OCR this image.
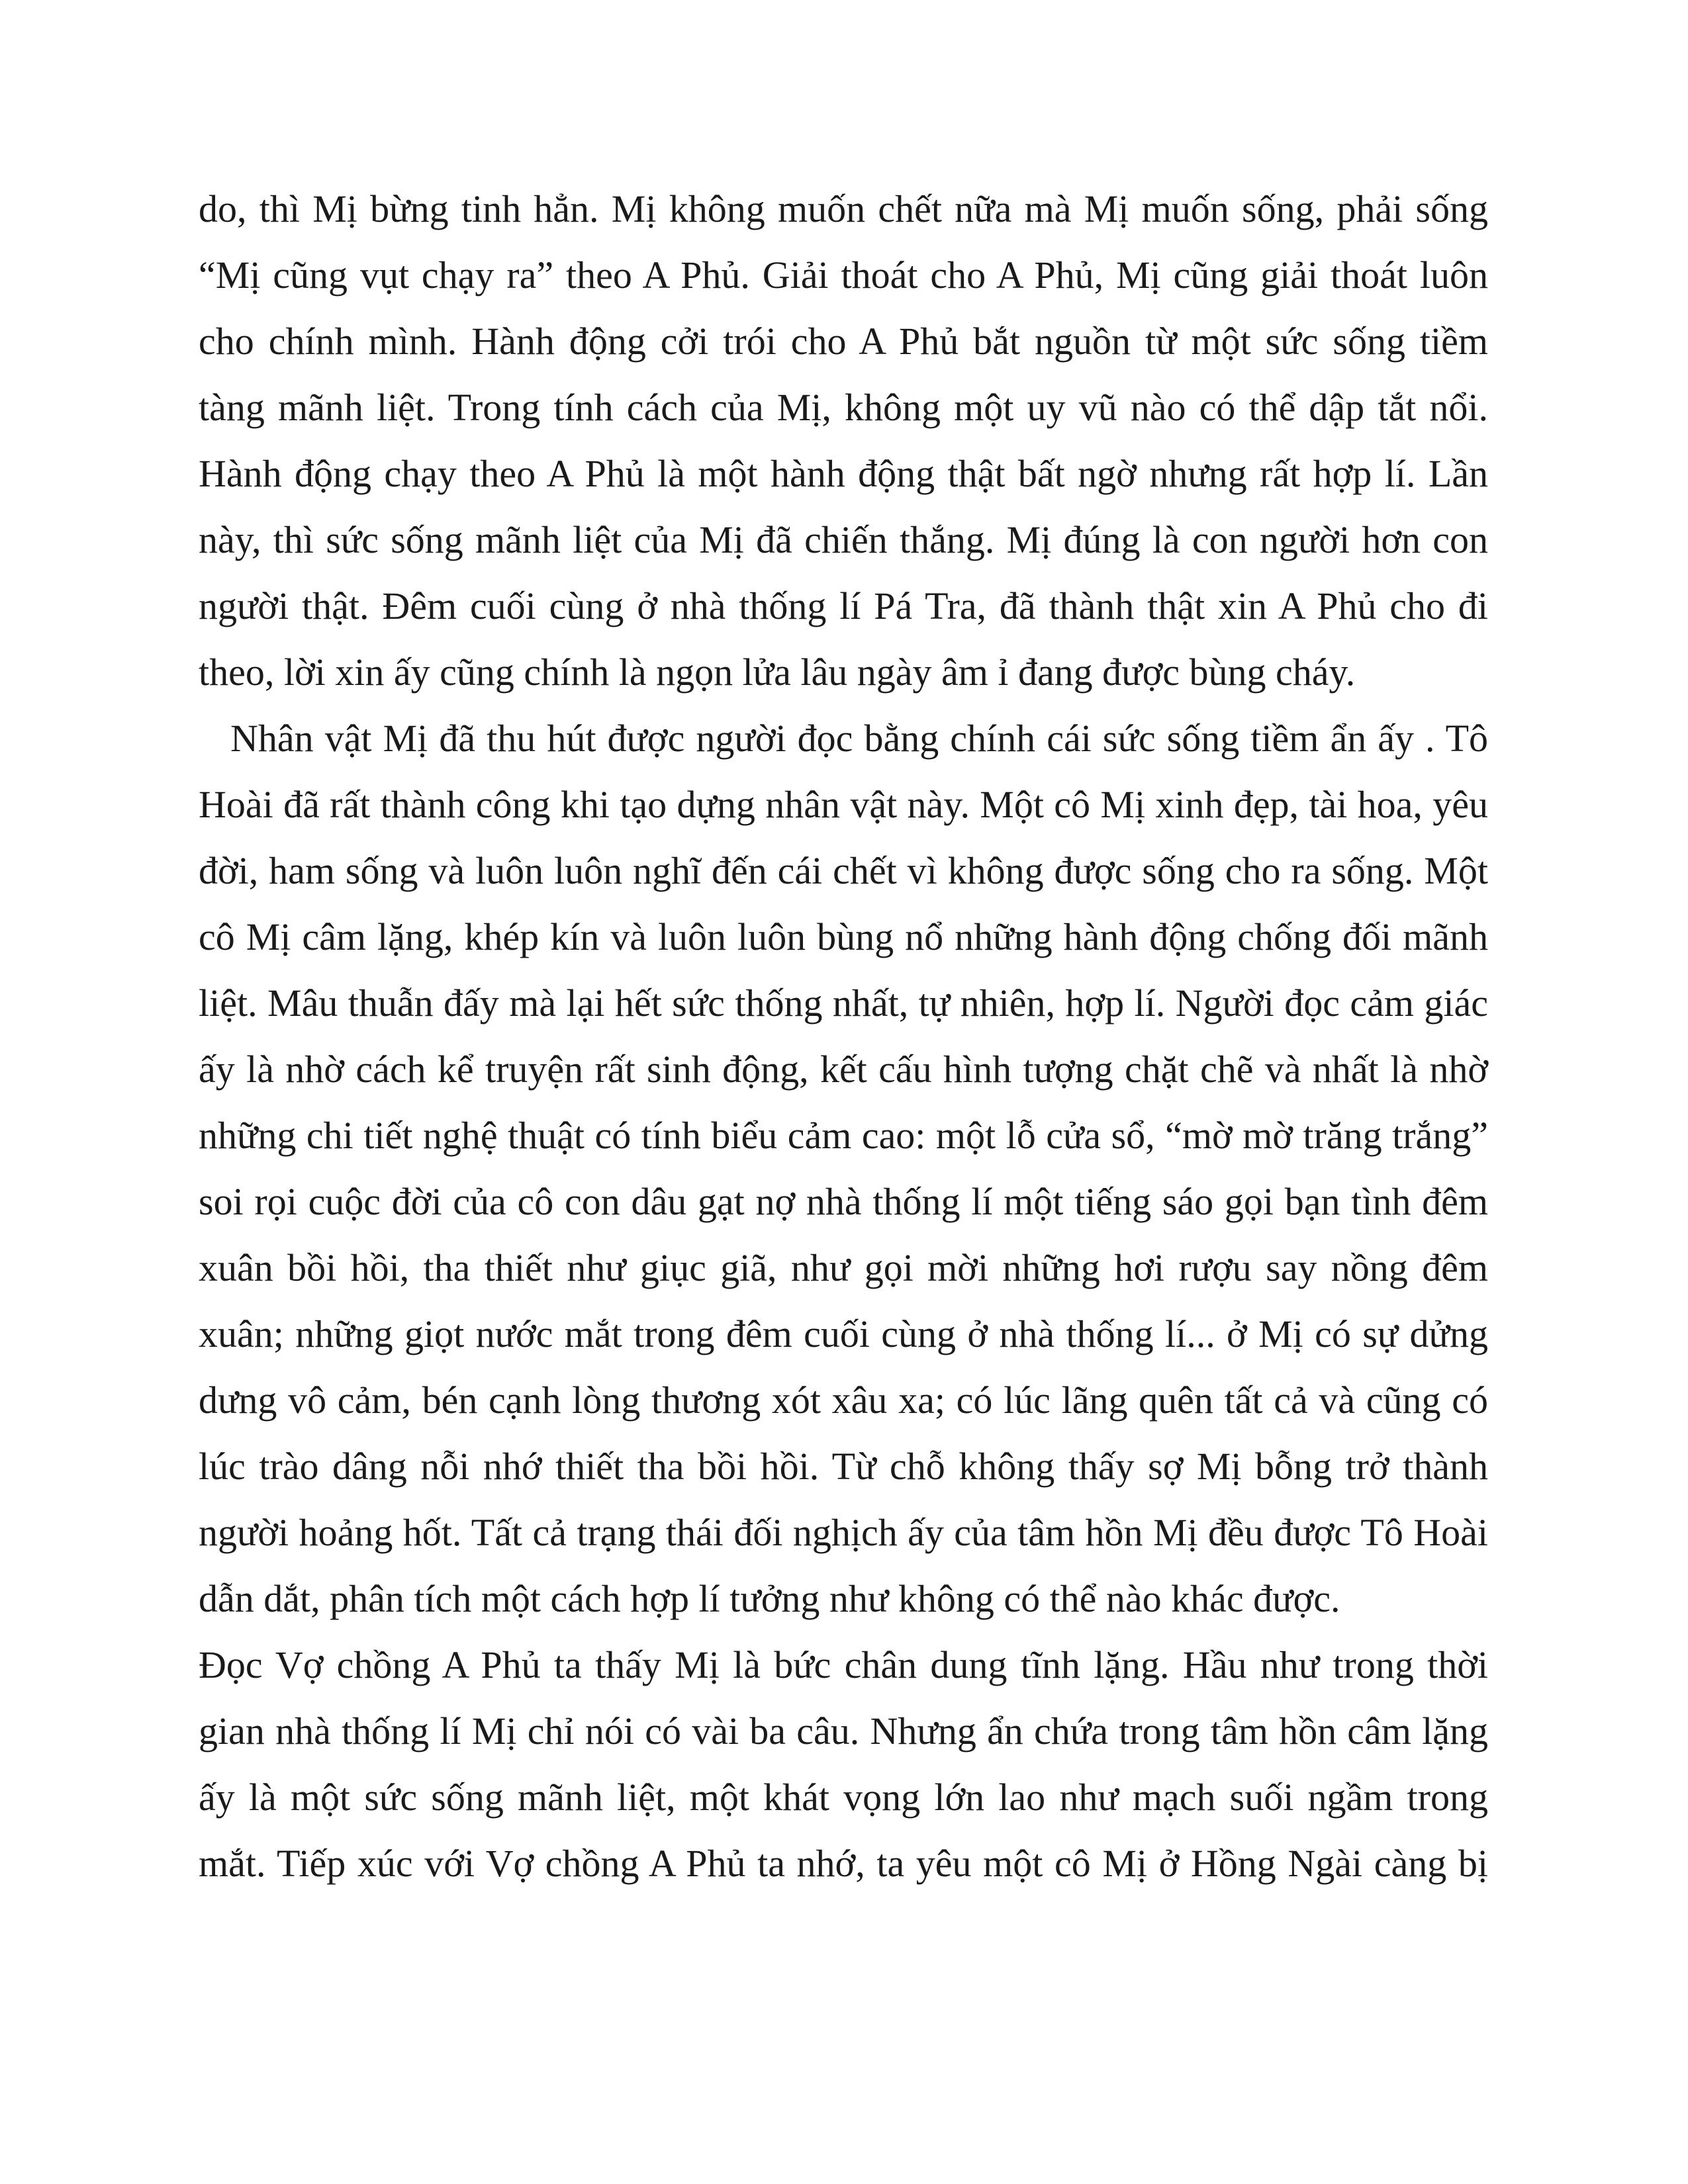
do, thì Mị bừng tinh hẳn. Mị không muốn chết nữa mà Mị muốn sống, phải sống
“Mị cũng vụt chạy ra” theo A Phủ. Giải thoát cho A Phủ, Mị cũng giải thoát luôn
cho chính mình. Hành động cởi trói cho A Phủ bắt nguồn từ một sức sống tiềm
tàng mãnh liệt. Trong tính cách của Mị, không một uy vũ nào có thể dập tắt nổi.
Hành động chạy theo A Phủ là một hành động thật bất ngờ nhưng rất hợp lí. Lần
này, thì sức sống mãnh liệt của Mị đã chiến thắng. Mị đúng là con người hơn con
người thật. Đêm cuối cùng ở nhà thống lí Pá Tra, đã thành thật xin A Phủ cho đi
theo, lời xin ấy cũng chính là ngọn lửa lâu ngày âm ỉ đang được bùng cháy.
Nhân vật Mị đã thu hút được người đọc bằng chính cái sức sống tiềm ẩn ấy . Tô
Hoài đã rất thành công khi tạo dựng nhân vật này. Một cô Mị xinh đẹp, tài hoa, yêu
đời, ham sống và luôn luôn nghĩ đến cái chết vì không được sống cho ra sống. Một
cô Mị câm lặng, khép kín và luôn luôn bùng nổ những hành động chống đối mãnh
liệt. Mâu thuẫn đấy mà lại hết sức thống nhất, tự nhiên, hợp lí. Người đọc cảm giác
ấy là nhờ cách kể truyện rất sinh động, kết cấu hình tượng chặt chẽ và nhất là nhờ
những chi tiết nghệ thuật có tính biểu cảm cao: một lỗ cửa sổ, “mờ mờ trăng trắng”
soi rọi cuộc đời của cô con dâu gạt nợ nhà thống lí một tiếng sáo gọi bạn tình đêm
xuân bồi hồi, tha thiết như giục giã, như gọi mời những hơi rượu say nồng đêm
xuân; những giọt nước mắt trong đêm cuối cùng ở nhà thống lí... ở Mị có sự dửng
dưng vô cảm, bén cạnh lòng thương xót xâu xa; có lúc lãng quên tất cả và cũng có
lúc trào dâng nỗi nhớ thiết tha bồi hồi. Từ chỗ không thấy sợ Mị bỗng trở thành
người hoảng hốt. Tất cả trạng thái đối nghịch ấy của tâm hồn Mị đều được Tô Hoài
dẫn dắt, phân tích một cách hợp lí tưởng như không có thể nào khác được.
Đọc Vợ chồng A Phủ ta thấy Mị là bức chân dung tĩnh lặng. Hầu như trong thời
gian nhà thống lí Mị chỉ nói có vài ba câu. Nhưng ẩn chứa trong tâm hồn câm lặng
ấy là một sức sống mãnh liệt, một khát vọng lớn lao như mạch suối ngầm trong
mắt. Tiếp xúc với Vợ chồng A Phủ ta nhớ, ta yêu một cô Mị ở Hồng Ngài càng bị
